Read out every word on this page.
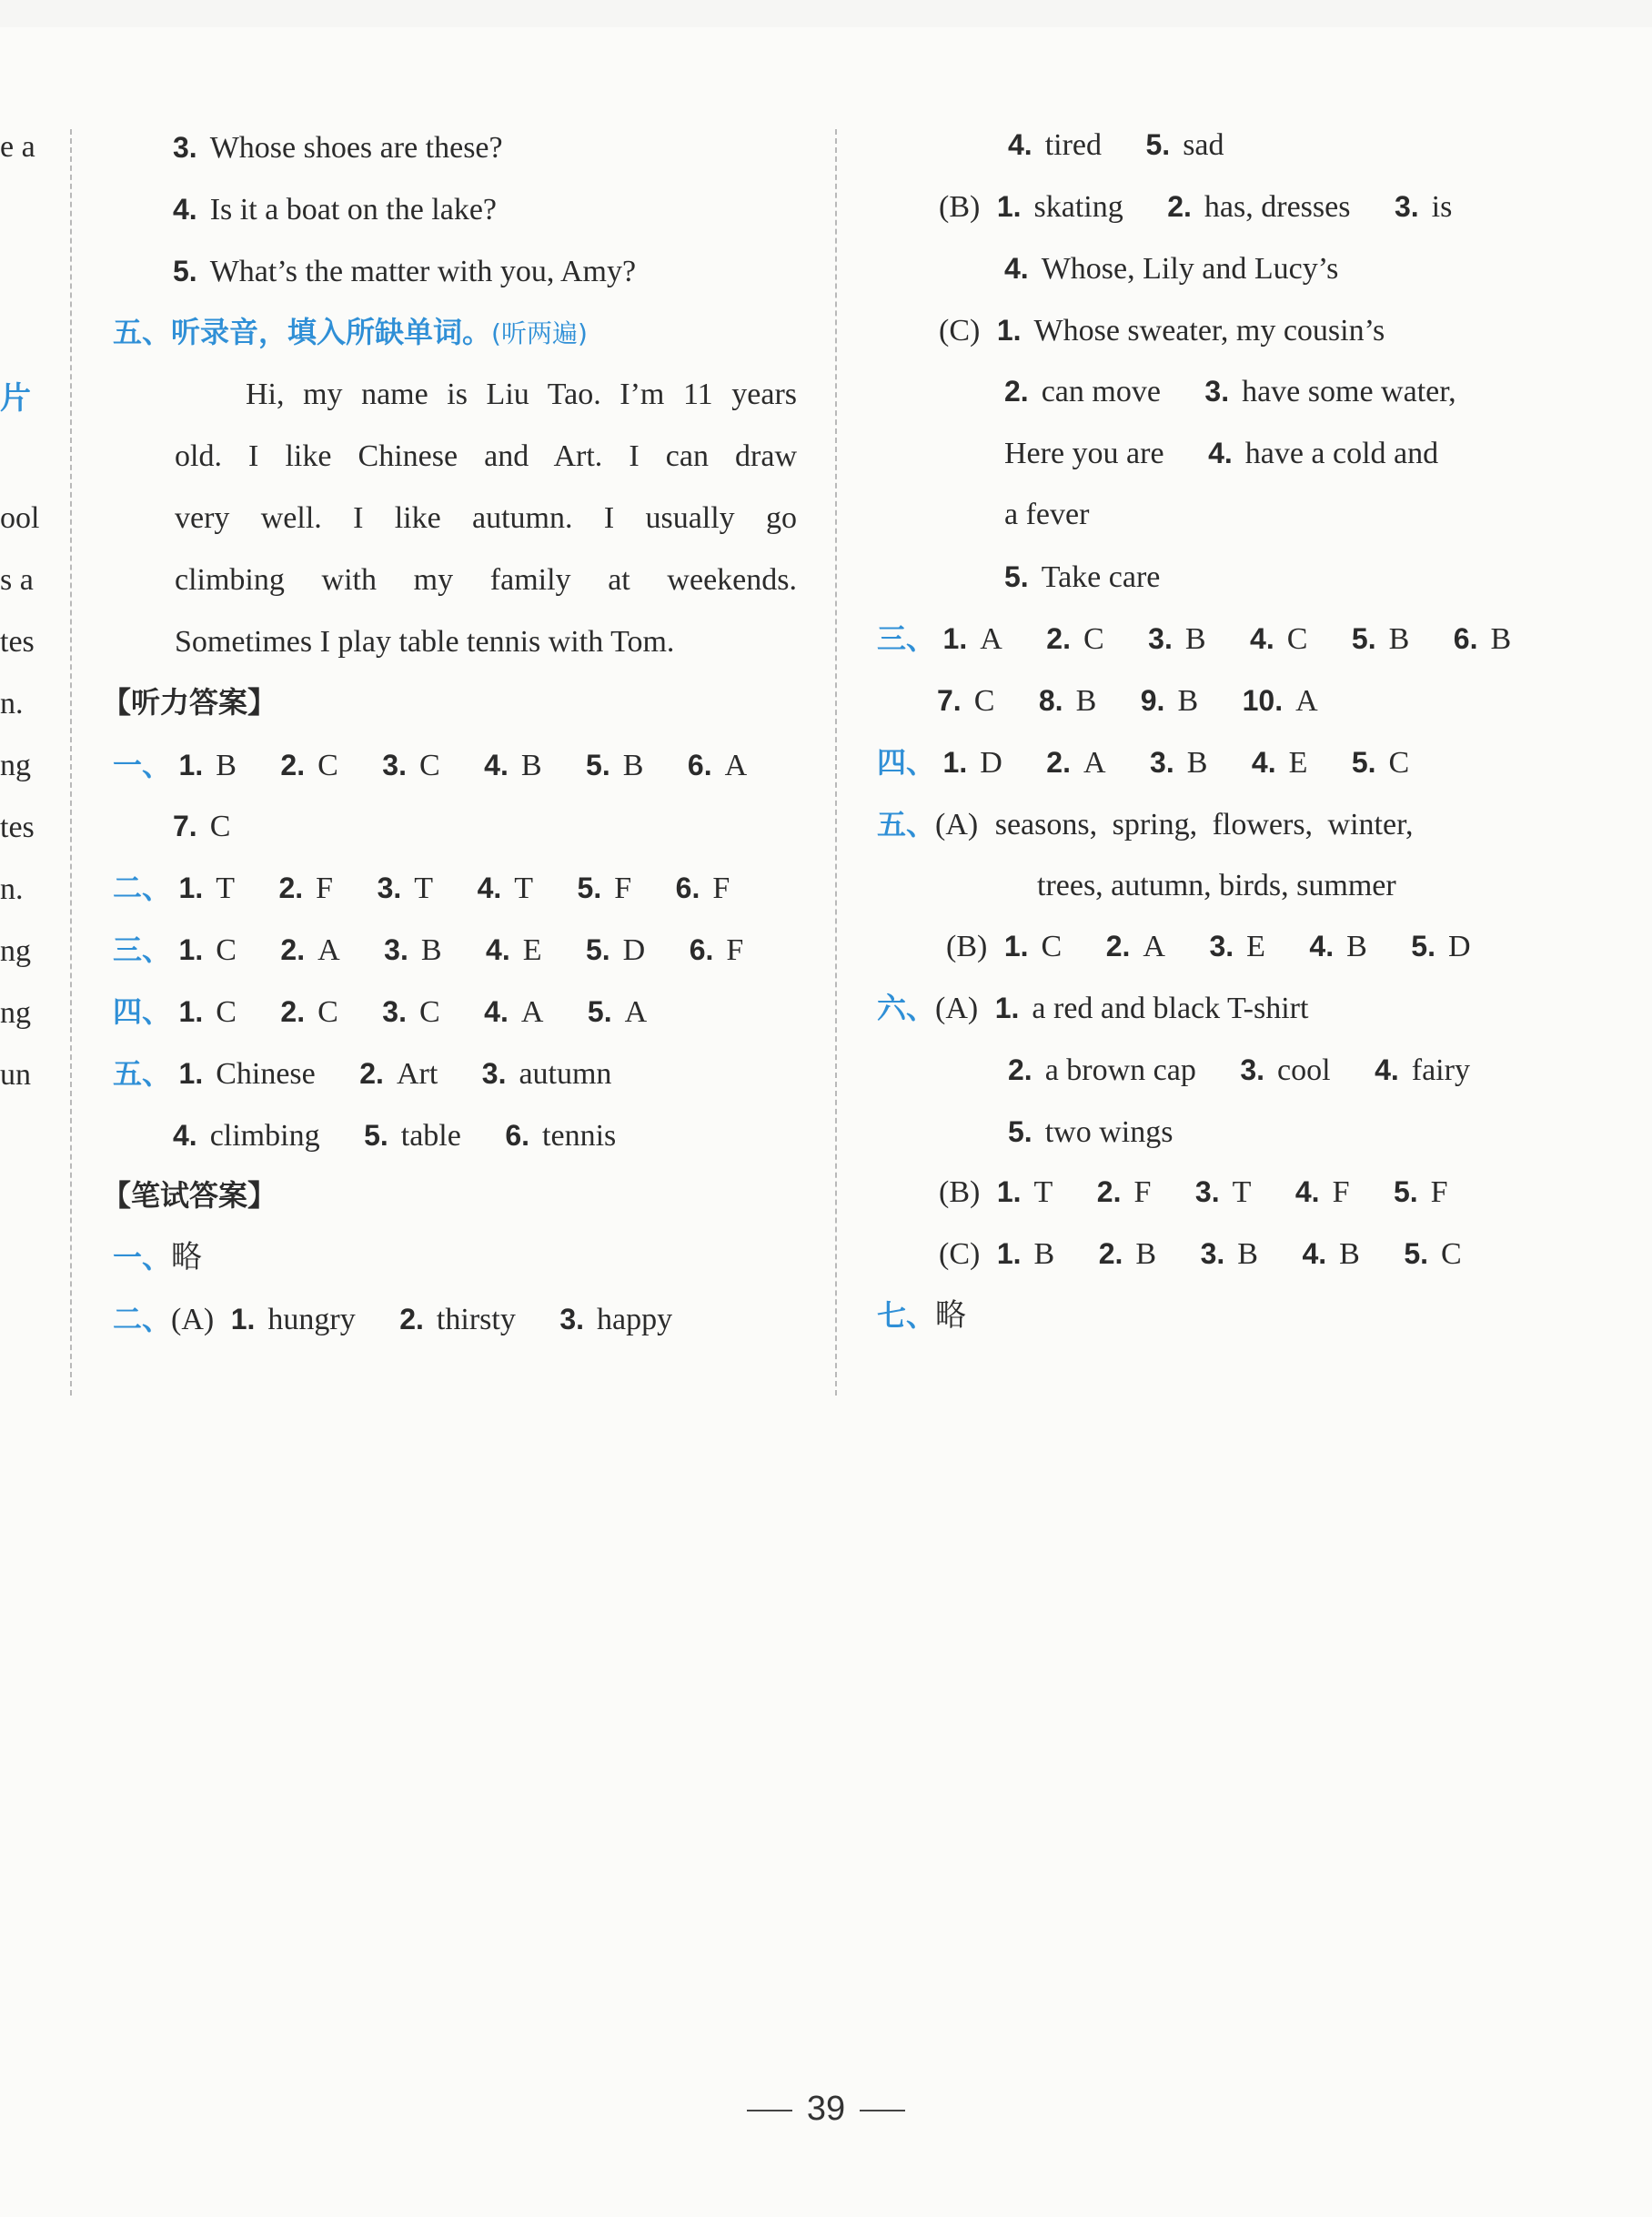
e a
片
ool
s a
tes
n.
ng
tes
n.
ng
ng
un
3. Whose shoes are these?
4. Is it a boat on the lake?
5. What’s the matter with you, Amy?
五、听录音，填入所缺单词。(听两遍)
Hi, my name is Liu Tao. I’m 11 years
old. I like Chinese and Art. I can draw
very well. I like autumn. I usually go
climbing with my family at weekends.
Sometimes I play table tennis with Tom.
【听力答案】
一、 1. B 2. C 3. C 4. B 5. B 6. A
7. C
二、 1. T 2. F 3. T 4. T 5. F 6. F
三、 1. C 2. A 3. B 4. E 5. D 6. F
四、 1. C 2. C 3. C 4. A 5. A
五、 1. Chinese 2. Art 3. autumn
4. climbing 5. table 6. tennis
【笔试答案】
一、略
二、(A) 1. hungry 2. thirsty 3. happy
4. tired 5. sad
(B) 1. skating 2. has, dresses 3. is
4. Whose, Lily and Lucy’s
(C) 1. Whose sweater, my cousin’s
2. can move 3. have some water,
Here you are 4. have a cold and
a fever
5. Take care
三、 1. A 2. C 3. B 4. C 5. B 6. B
7. C 8. B 9. B 10. A
四、 1. D 2. A 3. B 4. E 5. C
五、(A) seasons, spring, flowers, winter,
trees, autumn, birds, summer
(B) 1. C 2. A 3. E 4. B 5. D
六、(A) 1. a red and black T-shirt
2. a brown cap 3. cool 4. fairy
5. two wings
(B) 1. T 2. F 3. T 4. F 5. F
(C) 1. B 2. B 3. B 4. B 5. C
七、略
39
